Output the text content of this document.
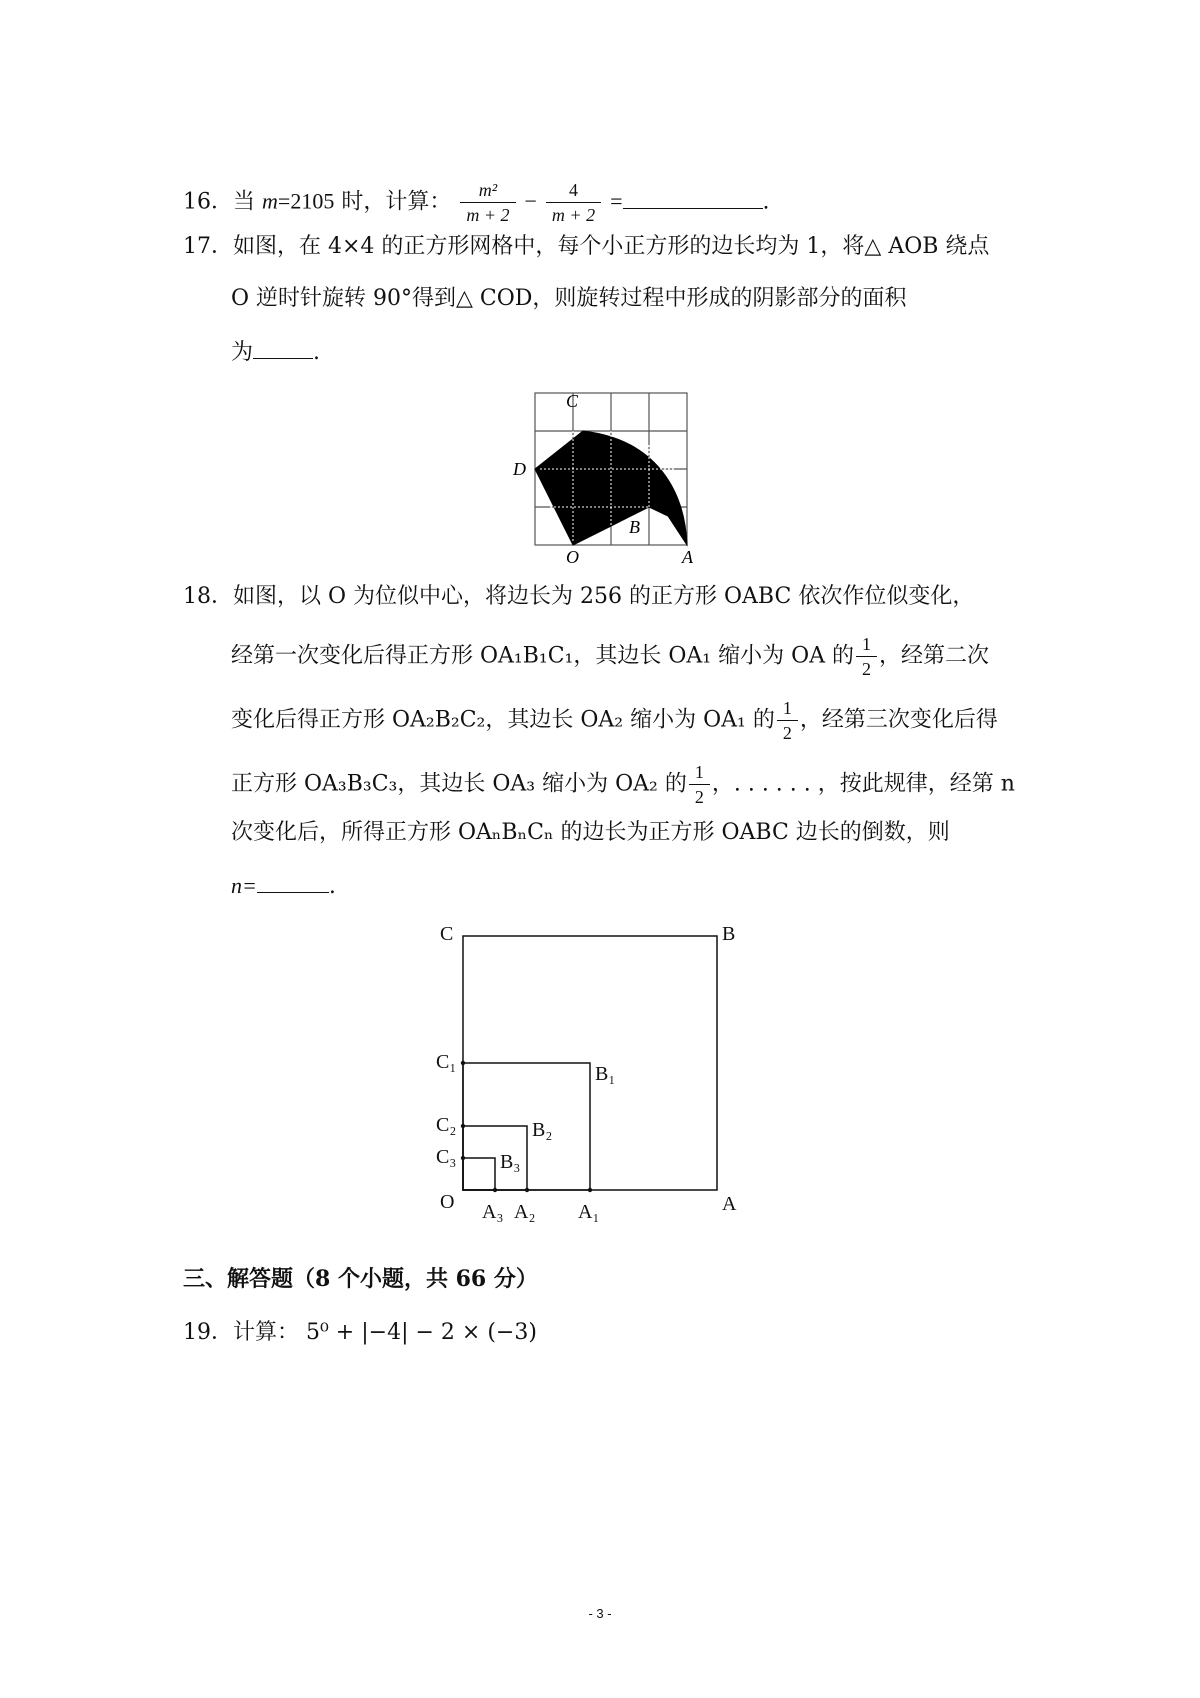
16．当 m=2105 时，计算： $\frac{\text{m²}}{m + 2} - \frac{4}{m + 2}$ =	.
17．如图，在 4×4 的正方形网格中，每个小正方形的边长均为 1，将△ AOB 绕点
O 逆时针旋转 90°得到△ COD，则旋转过程中形成的阴影部分的面积
为	.
C
D
O
B
A
18．如图，以 O 为位似中心，将边长为 256 的正方形 OABC 依次作位似变化，
经第一次变化后得正方形 OA₁B₁C₁，其边长 OA₁ 缩小为 OA 的 $\frac{1}{2}$ ，经第二次
变化后得正方形 OA₂B₂C₂，其边长 OA₂ 缩小为 OA₁ 的 $\frac{1}{2}$ ，经第三次变化后得
正方形 OA₃B₃C₃，其边长 OA₃ 缩小为 OA₂ 的 $\frac{1}{2}$ ，. . . . . . ，按此规律，经第 n
次变化后，所得正方形 OAₙBₙCₙ 的边长为正方形 OABC 边长的倒数，则
n=	.
C	B
C₁
B₁
C₂	B₂
C₃ B₃
O A₃ A₂ A₁	A
三、解答题（8 个小题，共 66 分）
19．计算： 5⁰ + |−4| − 2 × (−3)
- 3 -
